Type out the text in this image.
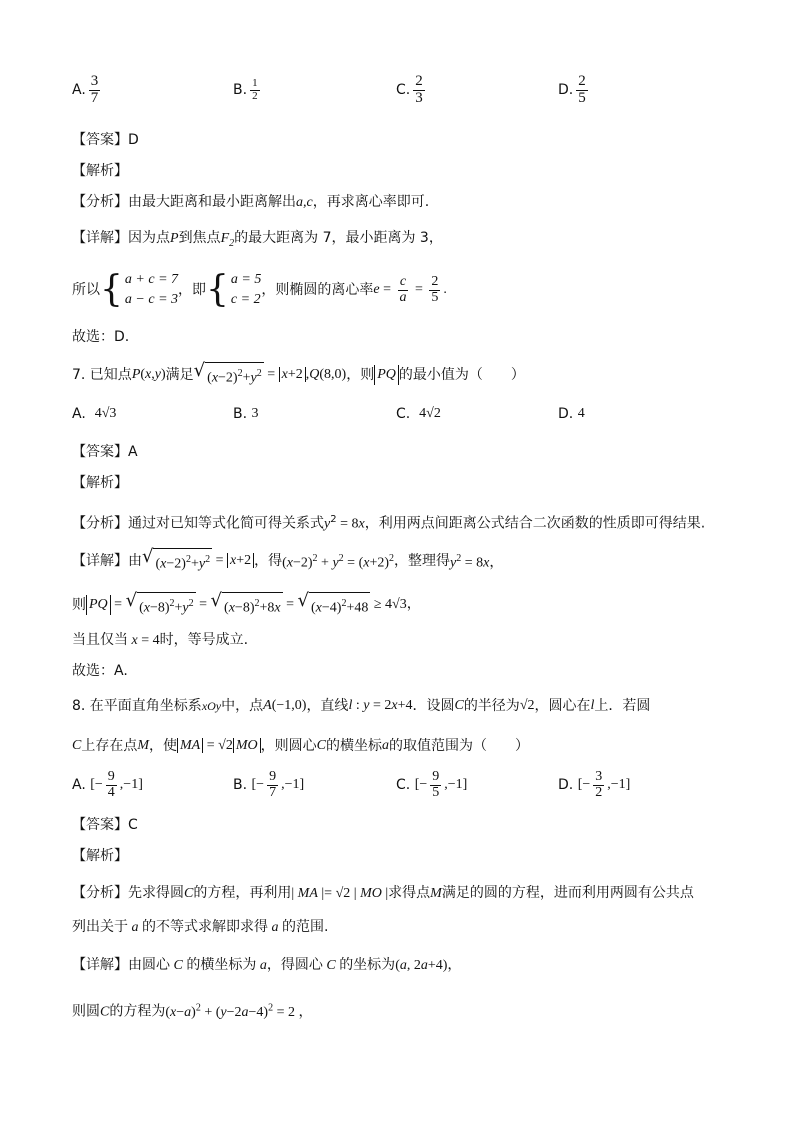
A. $\frac{3}{7}$	B. $\frac{1}{2}$	C. $\frac{2}{3}$	D. $\frac{2}{5}$
【答案】D
【解析】
【分析】由最大距离和最小距离解出a,c，再求离心率即可.
【详解】因为点P到焦点$F_2$的最大距离为 7，最小距离为 3，
所以 { a + c = 7
a − c = 3
，即 { a = 5
c = 2
，则椭圆的离心率 $e = \frac{c}{a} = \frac{2}{5}$ .
故选：D.
7. 已知点 P(x,y) 满足 √ $(x-2)^2+y^2 = x+2$ ,Q(8,0) ，则 PQ 的最小值为（　　）
A.
4√3	B.
3	C.
4√2	D.
4
【答案】A
【解析】
【分析】通过对已知等式化简可得关系式$y^2 = 8x$，利用两点间距离公式结合二次函数的性质即可得结果.
【详解】由 √ $(x-2)^2+y^2 = x+2$ ，得 $(x-2)^2 + y^2 = (x+2)^2$ ，整理得 $y^2 = 8x$，
则 PQ = √ $(x-8)^2+y^2$ = √ $(x-8)^2+8x$ = √ $(x-4)^2+48 \ge 4√3$，
当且仅当 x = 4时，等号成立.
故选：A.
8. 在平面直角坐标系 xOy 中，点 A(−1,0) ，直线 l : y = 2x+4 ．设圆 C 的半径为 √2 ，圆心在 l 上．若圆
C 上存在点 M ，使 MA = √2 MO ，则圆心 C 的横坐标 a 的取值范围为（　　）
A.
[− $\frac{9}{4} ,-1$]	B.
[− $\frac{9}{7} ,-1$]	C.
[− $\frac{9}{5} ,-1$]	D.
[− $\frac{3}{2} ,-1$]
【答案】C
【解析】
【分析】先求得圆C的方程，再利用| MA |= √2 | MO |求得点M满足的圆的方程，进而利用两圆有公共点
列出关于 a 的不等式求解即求得 a 的范围.
【详解】由圆心 C 的横坐标为 a，得圆心 C 的坐标为(a, 2a+4)，
则圆C的方程为$(x-a)^2 + (y-2a-4)^2 = 2$ ，
